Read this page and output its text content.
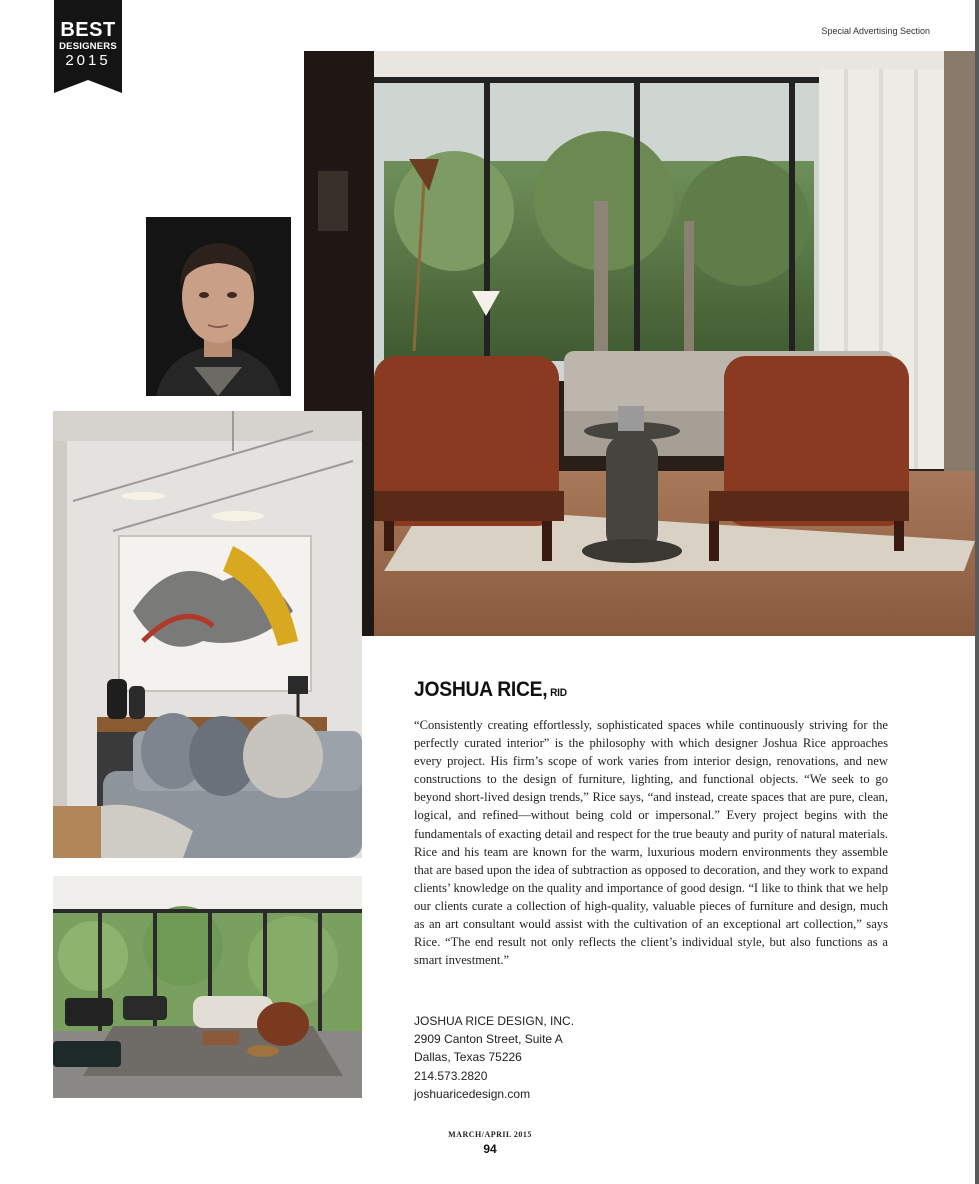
BEST
DESIGNERS
2015
Special Advertising Section
JOSHUA RICE, RID
“Consistently creating effortlessly, sophisticated spaces while continuously striving for the perfectly curated interior” is the philosophy with which designer Joshua Rice approaches every project. His firm’s scope of work varies from interior design, renovations, and new constructions to the design of furniture, lighting, and functional objects. “We seek to go beyond short-lived design trends,” Rice says, “and instead, create spaces that are pure, clean, logical, and refined—without being cold or impersonal.” Every project begins with the fundamentals of exacting detail and respect for the true beauty and purity of natural materials. Rice and his team are known for the warm, luxurious modern environments they assemble that are based upon the idea of subtraction as opposed to decoration, and they work to expand clients’ knowledge on the quality and importance of good design. “I like to think that we help our clients curate a collection of high-quality, valuable pieces of furniture and design, much as an art consultant would assist with the cultivation of an exceptional art collection,” says Rice. “The end result not only reflects the client’s individual style, but also functions as a smart investment.”
JOSHUA RICE DESIGN, INC.
2909 Canton Street, Suite A
Dallas, Texas 75226
214.573.2820
joshuaricedesign.com
MARCH/APRIL 2015
94
